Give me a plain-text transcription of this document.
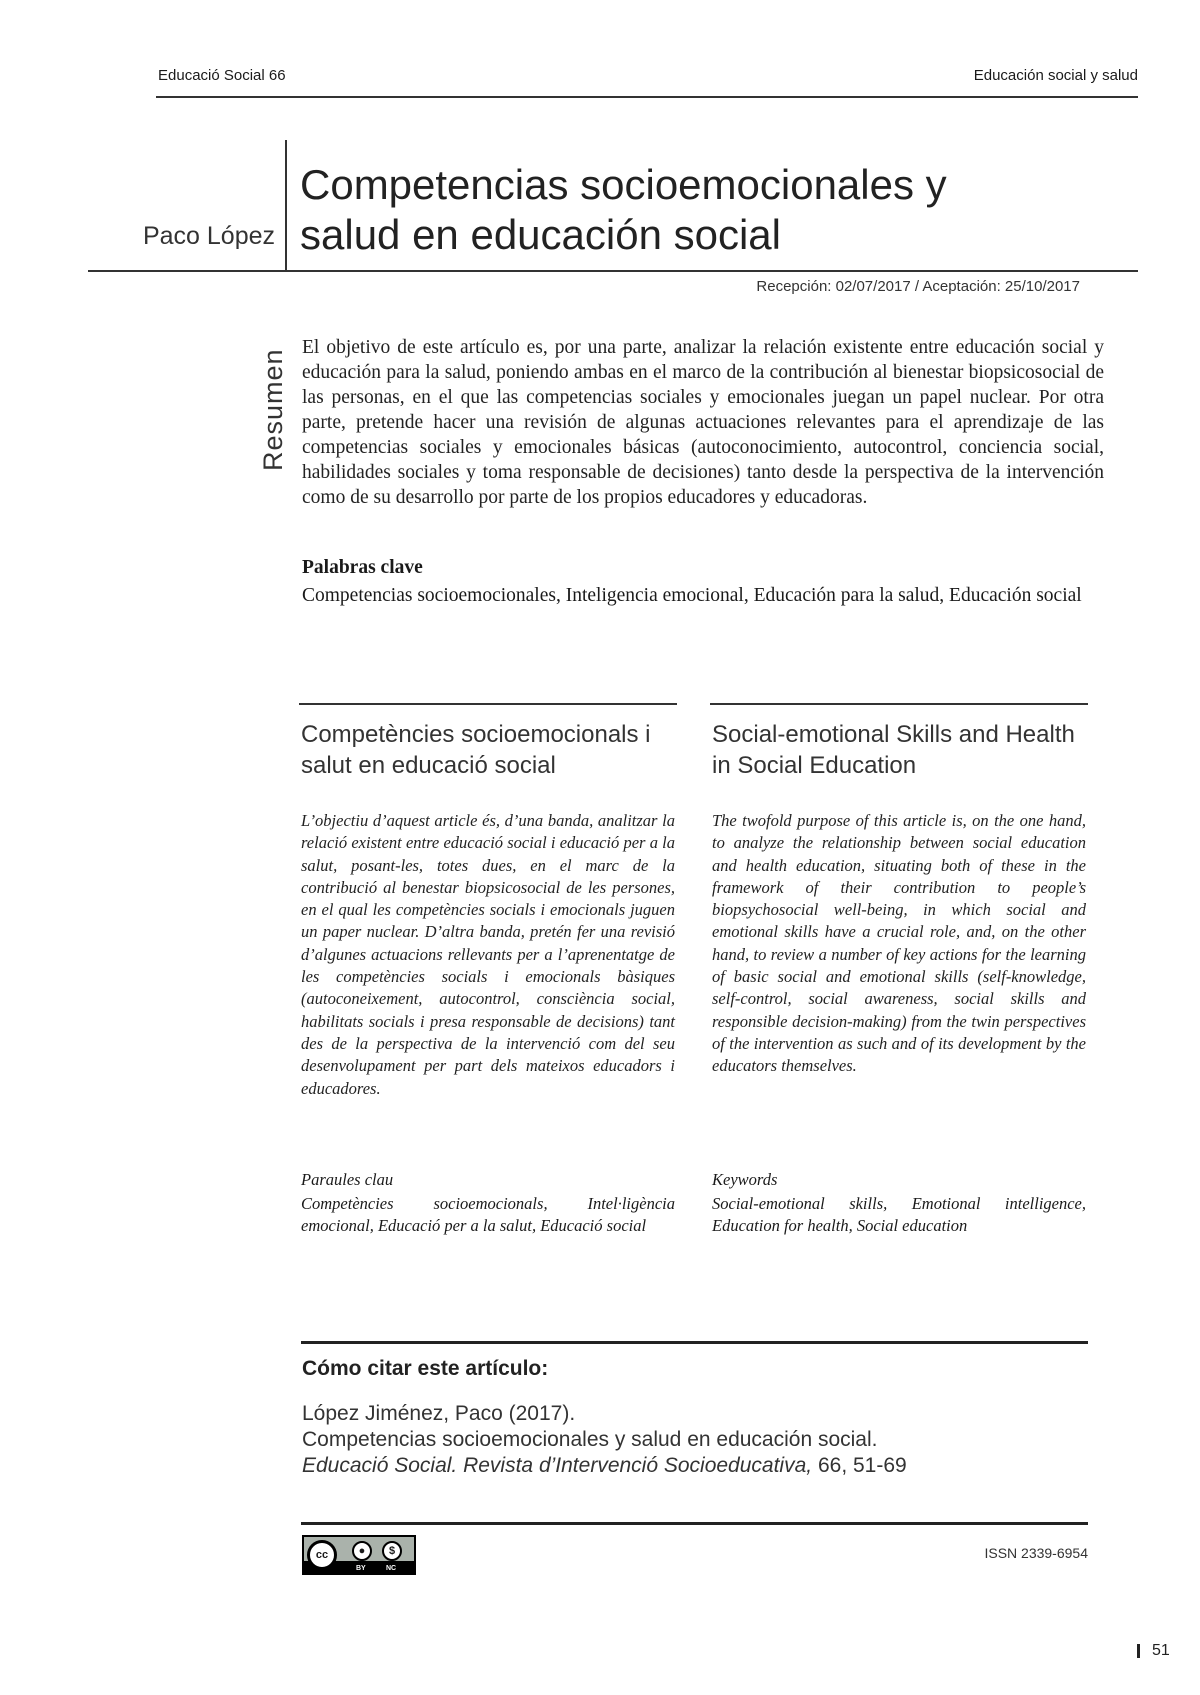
Educació Social 66	Educación social y salud
Paco López
Competencias socioemocionales y
salud en educación social
Recepción: 02/07/2017 / Aceptación: 25/10/2017
Resumen
El objetivo de este artículo es, por una parte, analizar la relación existente entre educación social y educación para la salud, poniendo ambas en el marco de la contribución al bienestar biopsicosocial de las personas, en el que las competencias sociales y emocionales juegan un papel nuclear. Por otra parte, pretende hacer una revisión de algunas actuaciones relevantes para el aprendizaje de las competencias sociales y emocionales básicas (autoconocimiento, autocontrol, conciencia social, habilidades sociales y toma responsable de decisiones) tanto desde la perspectiva de la intervención como de su desarrollo por parte de los propios educadores y educadoras.
Palabras clave
Competencias socioemocionales, Inteligencia emocional, Educación para la salud, Educación social
Competències socioemocionals i salut en educació social
L’objectiu d’aquest article és, d’una banda, analitzar la relació existent entre educació social i educació per a la salut, posant-les, totes dues, en el marc de la contribució al benestar biopsicosocial de les persones, en el qual les competències socials i emocionals juguen un paper nuclear. D’altra banda, pretén fer una revisió d’algunes actuacions rellevants per a l’aprenentatge de les competències socials i emocionals bàsiques (autoconeixement, autocontrol, consciència social, habilitats socials i presa responsable de decisions) tant des de la perspectiva de la intervenció com del seu desenvolupament per part dels mateixos educadors i educadores.
Paraules clau
Competències socioemocionals, Intel·ligència emocional, Educació per a la salut, Educació social
Social-emotional Skills and Health in Social Education
The twofold purpose of this article is, on the one hand, to analyze the relationship between social education and health education, situating both of these in the framework of their contribution to people’s biopsychosocial well-being, in which social and emotional skills have a crucial role, and, on the other hand, to review a number of key actions for the learning of basic social and emotional skills (self-knowledge, self-control, social awareness, social skills and responsible decision-making) from the twin perspectives of the intervention as such and of its development by the educators themselves.
Keywords
Social-emotional skills, Emotional intelligence, Education for health, Social education
Cómo citar este artículo:
López Jiménez, Paco (2017).
Competencias socioemocionales y salud en educación social.
Educació Social. Revista d’Intervenció Socioeducativa, 66, 51-69
cc	●	$
BY	NC
ISSN 2339-6954
51
